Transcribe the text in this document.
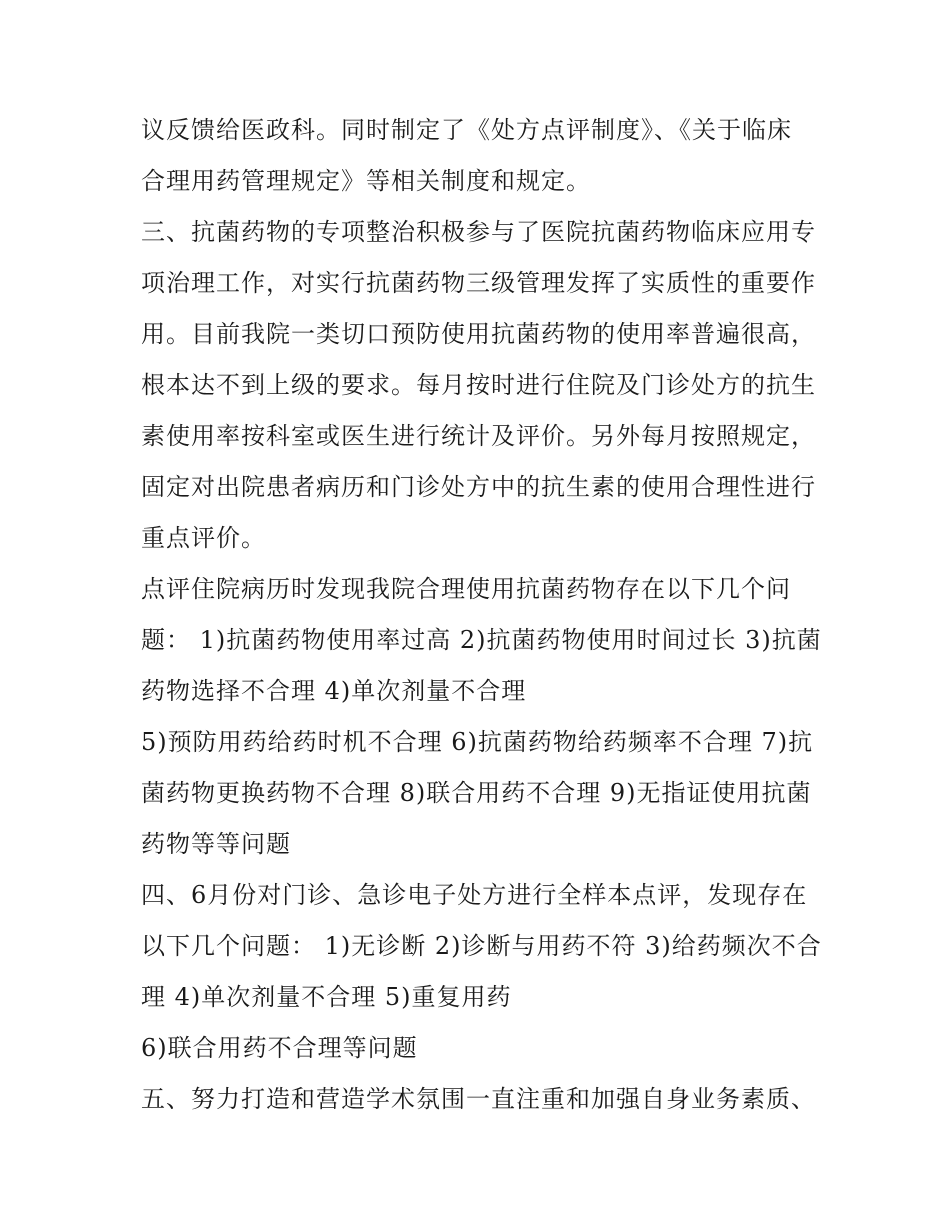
议反馈给医政科。同时制定了《处方点评制度》、《关于临床
合理用药管理规定》等相关制度和规定。
三、抗菌药物的专项整治积极参与了医院抗菌药物临床应用专
项治理工作，对实行抗菌药物三级管理发挥了实质性的重要作
用。目前我院一类切口预防使用抗菌药物的使用率普遍很高，
根本达不到上级的要求。每月按时进行住院及门诊处方的抗生
素使用率按科室或医生进行统计及评价。另外每月按照规定，
固定对出院患者病历和门诊处方中的抗生素的使用合理性进行
重点评价。
点评住院病历时发现我院合理使用抗菌药物存在以下几个问
题： 1)抗菌药物使用率过高 2)抗菌药物使用时间过长 3)抗菌
药物选择不合理 4)单次剂量不合理
5)预防用药给药时机不合理 6)抗菌药物给药频率不合理 7)抗
菌药物更换药物不合理 8)联合用药不合理 9)无指证使用抗菌
药物等等问题
四、6月份对门诊、急诊电子处方进行全样本点评，发现存在
以下几个问题： 1)无诊断 2)诊断与用药不符 3)给药频次不合
理 4)单次剂量不合理 5)重复用药
6)联合用药不合理等问题
五、努力打造和营造学术氛围一直注重和加强自身业务素质、
